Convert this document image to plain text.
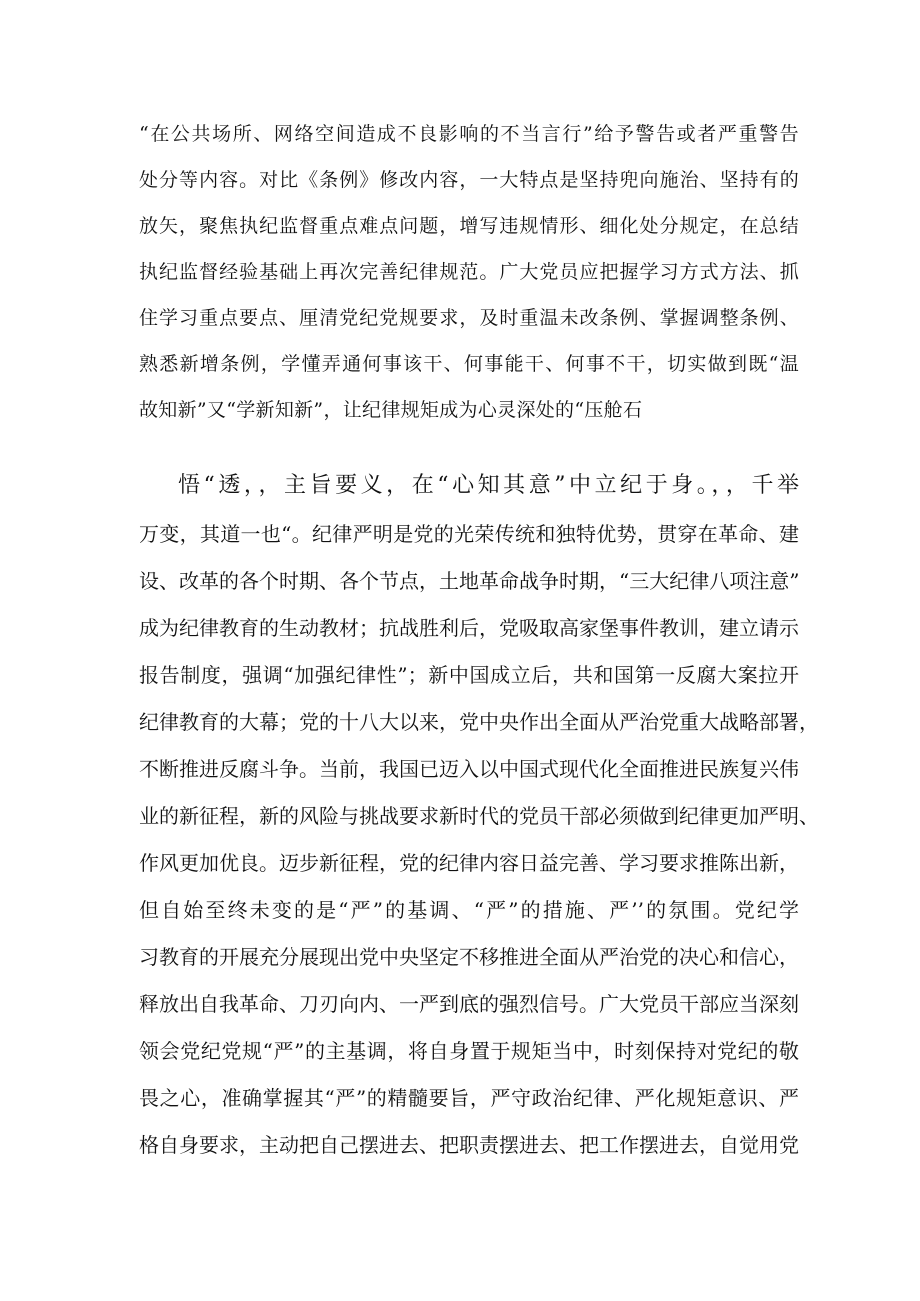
“在公共场所、网络空间造成不良影响的不当言行”给予警告或者严重警告
处分等内容。对比《条例》修改内容，一大特点是坚持兜向施治、坚持有的
放矢，聚焦执纪监督重点难点问题，增写违规情形、细化处分规定，在总结
执纪监督经验基础上再次完善纪律规范。广大党员应把握学习方式方法、抓
住学习重点要点、厘清党纪党规要求，及时重温未改条例、掌握调整条例、
熟悉新增条例，学懂弄通何事该干、何事能干、何事不干，切实做到既“温
故知新”又“学新知新”，让纪律规矩成为心灵深处的“压舱石
悟“透，，主旨要义，在“心知其意”中立纪于身。，，千举
万变，其道一也“。纪律严明是党的光荣传统和独特优势，贯穿在革命、建
设、改革的各个时期、各个节点，土地革命战争时期，“三大纪律八项注意”
成为纪律教育的生动教材；抗战胜利后，党吸取高家堡事件教训，建立请示
报告制度，强调“加强纪律性”；新中国成立后，共和国第一反腐大案拉开
纪律教育的大幕；党的十八大以来，党中央作出全面从严治党重大战略部署，
不断推进反腐斗争。当前，我国已迈入以中国式现代化全面推进民族复兴伟
业的新征程，新的风险与挑战要求新时代的党员干部必须做到纪律更加严明、
作风更加优良。迈步新征程，党的纪律内容日益完善、学习要求推陈出新，
但自始至终未变的是“严”的基调、“严”的措施、严’’的氛围。党纪学
习教育的开展充分展现出党中央坚定不移推进全面从严治党的决心和信心，
释放出自我革命、刀刃向内、一严到底的强烈信号。广大党员干部应当深刻
领会党纪党规“严”的主基调，将自身置于规矩当中，时刻保持对党纪的敬
畏之心，准确掌握其“严”的精髓要旨，严守政治纪律、严化规矩意识、严
格自身要求，主动把自己摆进去、把职责摆进去、把工作摆进去，自觉用党
